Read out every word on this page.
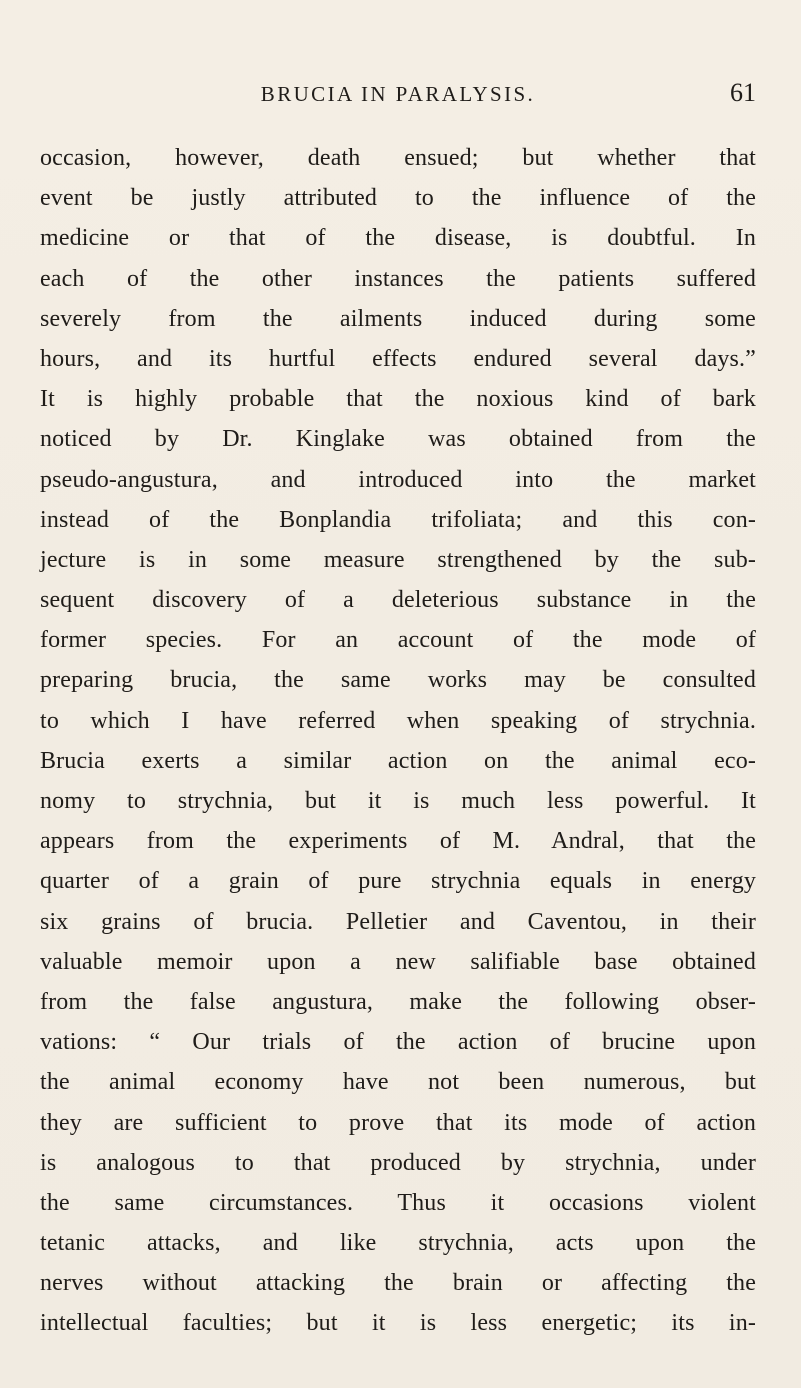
BRUCIA IN PARALYSIS.	61
occasion, however, death ensued; but whether that
event be justly attributed to the influence of the
medicine or that of the disease, is doubtful. In
each of the other instances the patients suffered
severely from the ailments induced during some
hours, and its hurtful effects endured several days.”
It is highly probable that the noxious kind of bark
noticed by Dr. Kinglake was obtained from the
pseudo-angustura, and introduced into the market
instead of the Bonplandia trifoliata; and this con-
jecture is in some measure strengthened by the sub-
sequent discovery of a deleterious substance in the
former species. For an account of the mode of
preparing brucia, the same works may be consulted
to which I have referred when speaking of strychnia.
Brucia exerts a similar action on the animal eco-
nomy to strychnia, but it is much less powerful. It
appears from the experiments of M. Andral, that the
quarter of a grain of pure strychnia equals in energy
six grains of brucia. Pelletier and Caventou, in their
valuable memoir upon a new salifiable base obtained
from the false angustura, make the following obser-
vations: “ Our trials of the action of brucine upon
the animal economy have not been numerous, but
they are sufficient to prove that its mode of action
is analogous to that produced by strychnia, under
the same circumstances. Thus it occasions violent
tetanic attacks, and like strychnia, acts upon the
nerves without attacking the brain or affecting the
intellectual faculties; but it is less energetic; its in-
